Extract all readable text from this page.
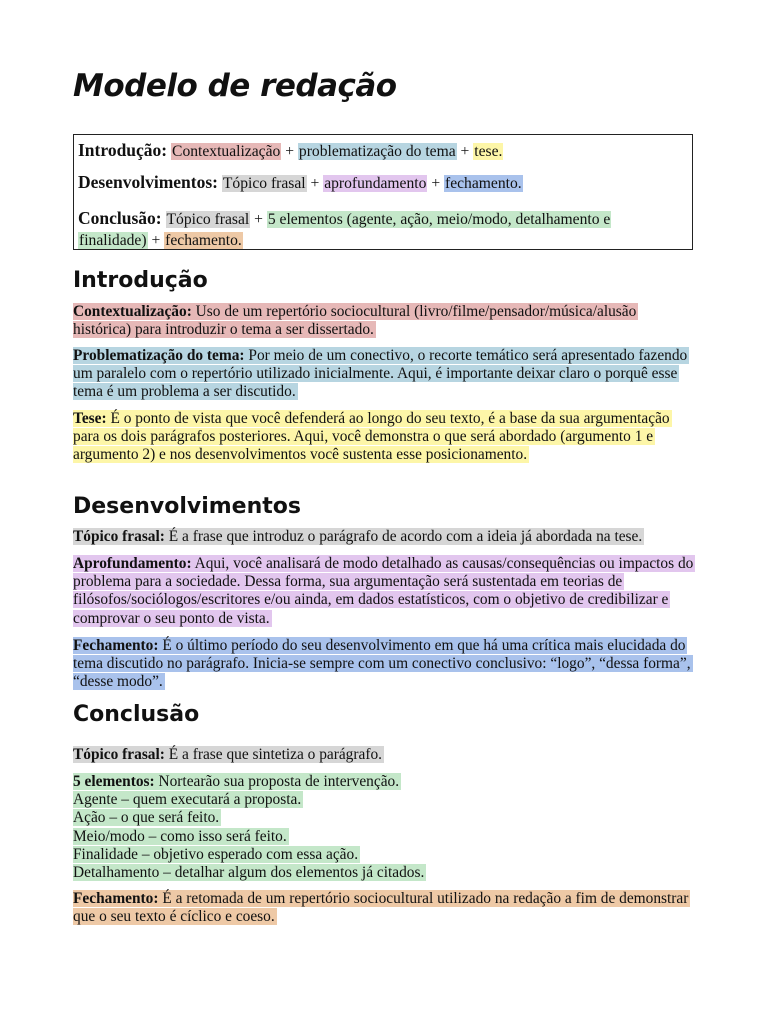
Modelo de redação
Introdução: Contextualização + problematização do tema + tese.
Desenvolvimentos: Tópico frasal + aprofundamento + fechamento.
Conclusão: Tópico frasal + 5 elementos (agente, ação, meio/modo, detalhamento e
finalidade) + fechamento.
Introdução
Contextualização: Uso de um repertório sociocultural (livro/filme/pensador/música/alusão histórica) para introduzir o tema a ser dissertado.
Problematização do tema: Por meio de um conectivo, o recorte temático será apresentado fazendo um paralelo com o repertório utilizado inicialmente. Aqui, é importante deixar claro o porquê esse tema é um problema a ser discutido.
Tese: É o ponto de vista que você defenderá ao longo do seu texto, é a base da sua argumentação para os dois parágrafos posteriores. Aqui, você demonstra o que será abordado (argumento 1 e argumento 2) e nos desenvolvimentos você sustenta esse posicionamento.
Desenvolvimentos
Tópico frasal: É a frase que introduz o parágrafo de acordo com a ideia já abordada na tese.
Aprofundamento: Aqui, você analisará de modo detalhado as causas/consequências ou impactos do problema para a sociedade. Dessa forma, sua argumentação será sustentada em teorias de filósofos/sociólogos/escritores e/ou ainda, em dados estatísticos, com o objetivo de credibilizar e comprovar o seu ponto de vista.
Fechamento: É o último período do seu desenvolvimento em que há uma crítica mais elucidada do tema discutido no parágrafo. Inicia-se sempre com um conectivo conclusivo: “logo”, “dessa forma”, “desse modo”.
Conclusão
Tópico frasal: É a frase que sintetiza o parágrafo.
5 elementos: Nortearão sua proposta de intervenção.
Agente – quem executará a proposta.
Ação – o que será feito.
Meio/modo – como isso será feito.
Finalidade – objetivo esperado com essa ação.
Detalhamento – detalhar algum dos elementos já citados.
Fechamento: É a retomada de um repertório sociocultural utilizado na redação a fim de demonstrar que o seu texto é cíclico e coeso.
